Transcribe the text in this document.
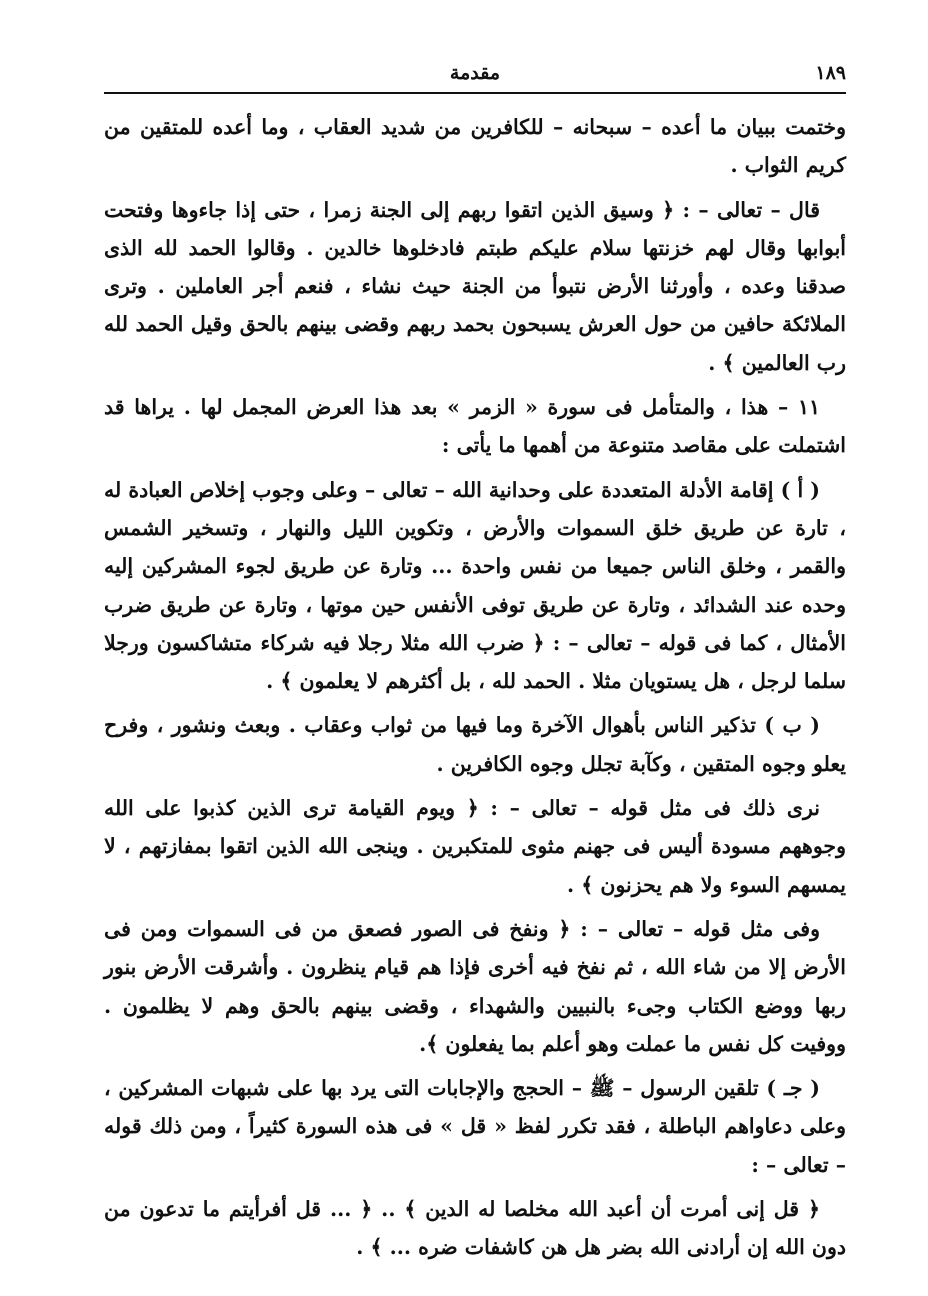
١٨٩
مقدمة

وختمت ببيان ما أعده – سبحانه – للكافرين من شديد العقاب ، وما أعده للمتقين من كريم الثواب .

قال – تعالى – : ﴿ وسيق الذين اتقوا ربهم إلى الجنة زمرا ، حتى إذا جاءوها وفتحت أبوابها وقال لهم خزنتها سلام عليكم طبتم فادخلوها خالدين . وقالوا الحمد لله الذى صدقنا وعده ، وأورثنا الأرض نتبوأ من الجنة حيث نشاء ، فنعم أجر العاملين . وترى الملائكة حافين من حول العرش يسبحون بحمد ربهم وقضى بينهم بالحق وقيل الحمد لله رب العالمين ﴾ .

١١ – هذا ، والمتأمل فى سورة « الزمر » بعد هذا العرض المجمل لها . يراها قد اشتملت على مقاصد متنوعة من أهمها ما يأتى :

( أ ) إقامة الأدلة المتعددة على وحدانية الله – تعالى – وعلى وجوب إخلاص العبادة له ، تارة عن طريق خلق السموات والأرض ، وتكوين الليل والنهار ، وتسخير الشمس والقمر ، وخلق الناس جميعا من نفس واحدة ... وتارة عن طريق لجوء المشركين إليه وحده عند الشدائد ، وتارة عن طريق توفى الأنفس حين موتها ، وتارة عن طريق ضرب الأمثال ، كما فى قوله – تعالى – : ﴿ ضرب الله مثلا رجلا فيه شركاء متشاكسون ورجلا سلما لرجل ، هل يستويان مثلا . الحمد لله ، بل أكثرهم لا يعلمون ﴾ .

( ب ) تذكير الناس بأهوال الآخرة وما فيها من ثواب وعقاب . وبعث ونشور ، وفرح يعلو وجوه المتقين ، وكآبة تجلل وجوه الكافرين .

نرى ذلك فى مثل قوله – تعالى – : ﴿ ويوم القيامة ترى الذين كذبوا على الله وجوههم مسودة أليس فى جهنم مثوى للمتكبرين . وينجى الله الذين اتقوا بمفازتهم ، لا يمسهم السوء ولا هم يحزنون ﴾ .

وفى مثل قوله – تعالى – : ﴿ ونفخ فى الصور فصعق من فى السموات ومن فى الأرض إلا من شاء الله ، ثم نفخ فيه أخرى فإذا هم قيام ينظرون . وأشرقت الأرض بنور ربها ووضع الكتاب وجىء بالنبيين والشهداء ، وقضى بينهم بالحق وهم لا يظلمون . ووفيت كل نفس ما عملت وهو أعلم بما يفعلون ﴾.

( جـ ) تلقين الرسول – ﷺ – الحجج والإجابات التى يرد بها على شبهات المشركين ، وعلى دعاواهم الباطلة ، فقد تكرر لفظ « قل » فى هذه السورة كثيراً ، ومن ذلك قوله – تعالى – :

﴿ قل إنى أمرت أن أعبد الله مخلصا له الدين ﴾ .. ﴿ ... قل أفرأيتم ما تدعون من دون الله إن أرادنى الله بضر هل هن كاشفات ضره ... ﴾ .
